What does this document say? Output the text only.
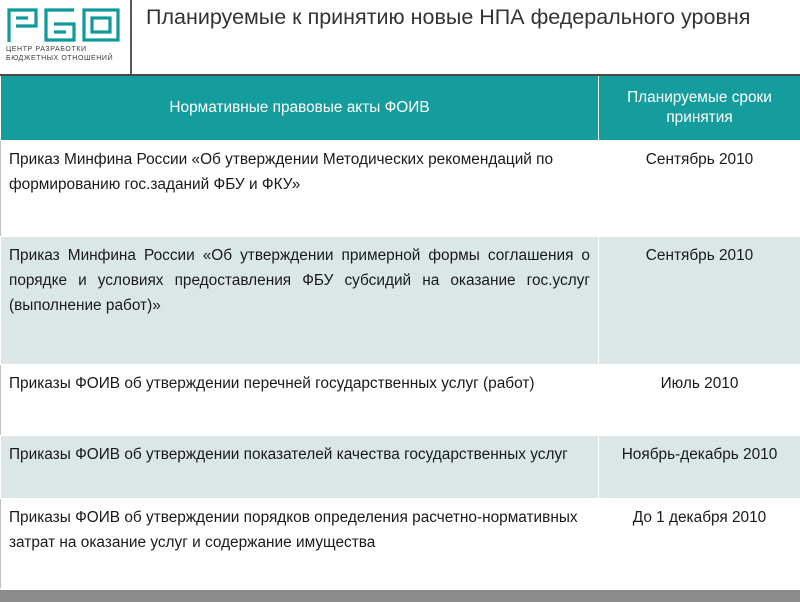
ЦЕНТР РАЗРАБОТКИ
БЮДЖЕТНЫХ ОТНОШЕНИЙ
Планируемые к принятию новые НПА федерального уровня
Нормативные правовые акты ФОИВ	Планируемые сроки принятия
Приказ Минфина России «Об утверждении Методических рекомендаций по формированию гос.заданий ФБУ и ФКУ»	Сентябрь 2010
Приказ Минфина России «Об утверждении примерной формы соглашения о порядке и условиях предоставления ФБУ субсидий на оказание гос.услуг (выполнение работ)»	Сентябрь 2010
Приказы ФОИВ об утверждении перечней государственных услуг (работ)	Июль 2010
Приказы ФОИВ об утверждении показателей качества государственных услуг	Ноябрь-декабрь 2010
Приказы ФОИВ об утверждении порядков определения расчетно-нормативных затрат на оказание услуг и содержание имущества	До 1 декабря 2010
